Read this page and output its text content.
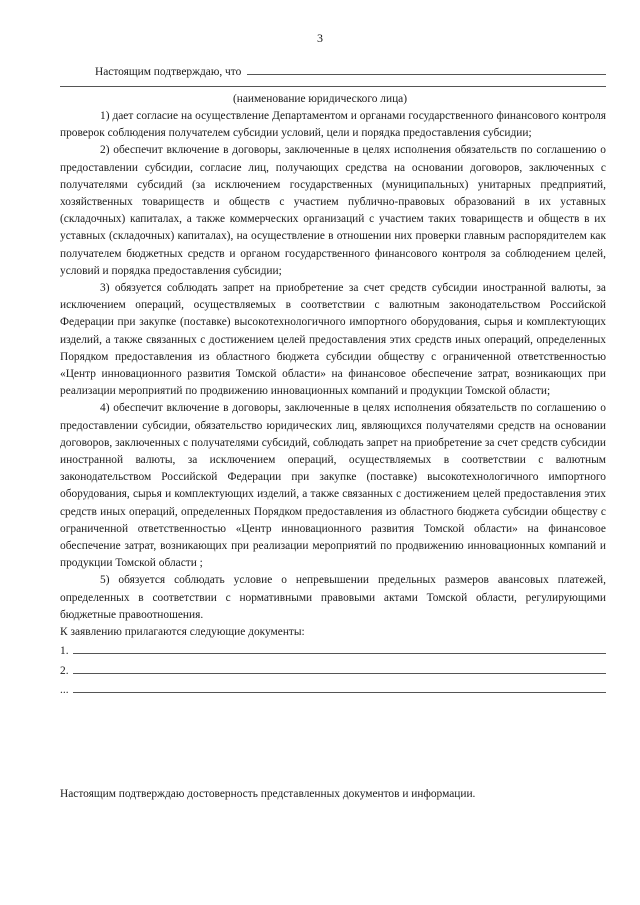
3
Настоящим подтверждаю, что
(наименование юридического лица)

1) дает согласие на осуществление Департаментом и органами государственного финансового контроля проверок соблюдения получателем субсидии условий, цели и порядка предоставления субсидии;

2) обеспечит включение в договоры, заключенные в целях исполнения обязательств по соглашению о предоставлении субсидии, согласие лиц, получающих средства на основании договоров, заключенных с получателями субсидий (за исключением государственных (муниципальных) унитарных предприятий, хозяйственных товариществ и обществ с участием публично-правовых образований в их уставных (складочных) капиталах, а также коммерческих организаций с участием таких товариществ и обществ в их уставных (складочных) капиталах), на осуществление в отношении них проверки главным распорядителем как получателем бюджетных средств и органом государственного финансового контроля за соблюдением целей, условий и порядка предоставления субсидии;

3) обязуется соблюдать запрет на приобретение за счет средств субсидии иностранной валюты, за исключением операций, осуществляемых в соответствии с валютным законодательством Российской Федерации при закупке (поставке) высокотехнологичного импортного оборудования, сырья и комплектующих изделий, а также связанных с достижением целей предоставления этих средств иных операций, определенных Порядком предоставления из областного бюджета субсидии обществу с ограниченной ответственностью «Центр инновационного развития Томской области» на финансовое обеспечение затрат, возникающих при реализации мероприятий по продвижению инновационных компаний и продукции Томской области;

4) обеспечит включение в договоры, заключенные в целях исполнения обязательств по соглашению о предоставлении субсидии, обязательство юридических лиц, являющихся получателями средств на основании договоров, заключенных с получателями субсидий, соблюдать запрет на приобретение за счет средств субсидии иностранной валюты, за исключением операций, осуществляемых в соответствии с валютным законодательством Российской Федерации при закупке (поставке) высокотехнологичного импортного оборудования, сырья и комплектующих изделий, а также связанных с достижением целей предоставления этих средств иных операций, определенных Порядком предоставления из областного бюджета субсидии обществу с ограниченной ответственностью «Центр инновационного развития Томской области» на финансовое обеспечение затрат, возникающих при реализации мероприятий по продвижению инновационных компаний и продукции Томской области ;

5) обязуется соблюдать условие о непревышении предельных размеров авансовых платежей, определенных в соответствии с нормативными правовыми актами Томской области, регулирующими бюджетные правоотношения.

К заявлению прилагаются следующие документы:

1.
2.
...
Настоящим подтверждаю достоверность представленных документов и информации.
